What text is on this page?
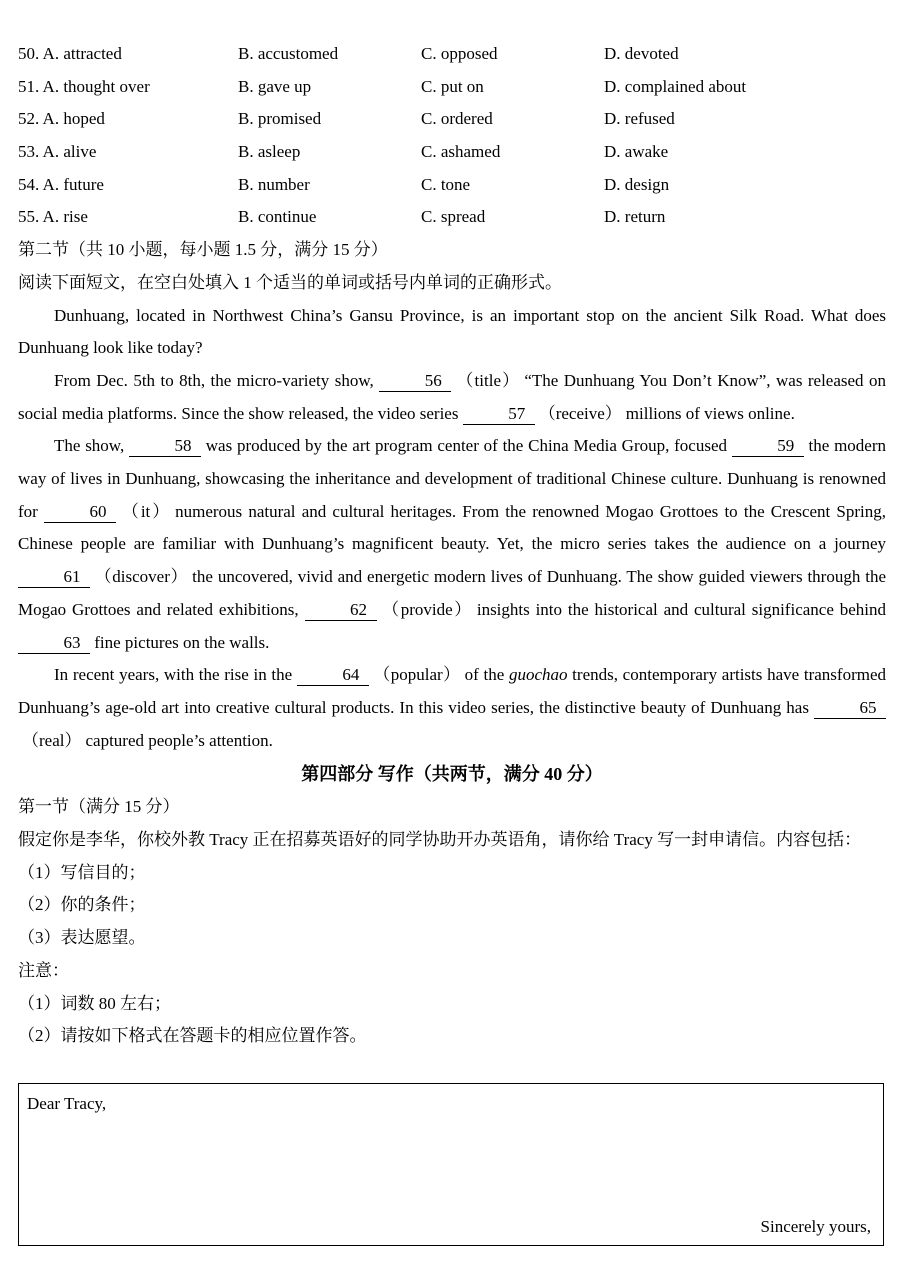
50. A. attracted	B. accustomed	C. opposed	D. devoted
51. A. thought over	B. gave up	C. put on	D. complained about
52. A. hoped	B. promised	C. ordered	D. refused
53. A. alive	B. asleep	C. ashamed	D. awake
54. A. future	B. number	C. tone	D. design
55. A. rise	B. continue	C. spread	D. return
第二节（共 10 小题，每小题 1.5 分，满分 15 分）
阅读下面短文，在空白处填入 1 个适当的单词或括号内单词的正确形式。
Dunhuang, located in Northwest China’s Gansu Province, is an important stop on the ancient Silk Road. What does Dunhuang look like today?
From Dec. 5th to 8th, the micro-variety show,	56 （title） “The Dunhuang You Don’t Know”, was released on social media platforms. Since the show released, the video series	57 （receive） millions of views online.
The show,	58 was produced by the art program center of the China Media Group, focused	59 the modern way of lives in Dunhuang, showcasing the inheritance and development of traditional Chinese culture. Dunhuang is renowned for	60 （it） numerous natural and cultural heritages. From the renowned Mogao Grottoes to the Crescent Spring, Chinese people are familiar with Dunhuang’s magnificent beauty. Yet, the micro series takes the audience on a journey 61 （discover） the uncovered, vivid and energetic modern lives of Dunhuang. The show guided viewers through the Mogao Grottoes and related exhibitions,	62 （provide） insights into the historical and cultural significance behind 63 fine pictures on the walls.
In recent years, with the rise in the	64 （popular） of the guochao trends, contemporary artists have transformed Dunhuang’s age-old art into creative cultural products. In this video series, the distinctive beauty of Dunhuang has	65（real） captured people’s attention.
第四部分 写作（共两节，满分 40 分）
第一节（满分 15 分）
假定你是李华，你校外教 Tracy 正在招募英语好的同学协助开办英语角，请你给 Tracy 写一封申请信。内容包括：
（1）写信目的；
（2）你的条件；
（3）表达愿望。
注意：
（1）词数 80 左右；
（2）请按如下格式在答题卡的相应位置作答。
Dear Tracy,
Sincerely yours,
